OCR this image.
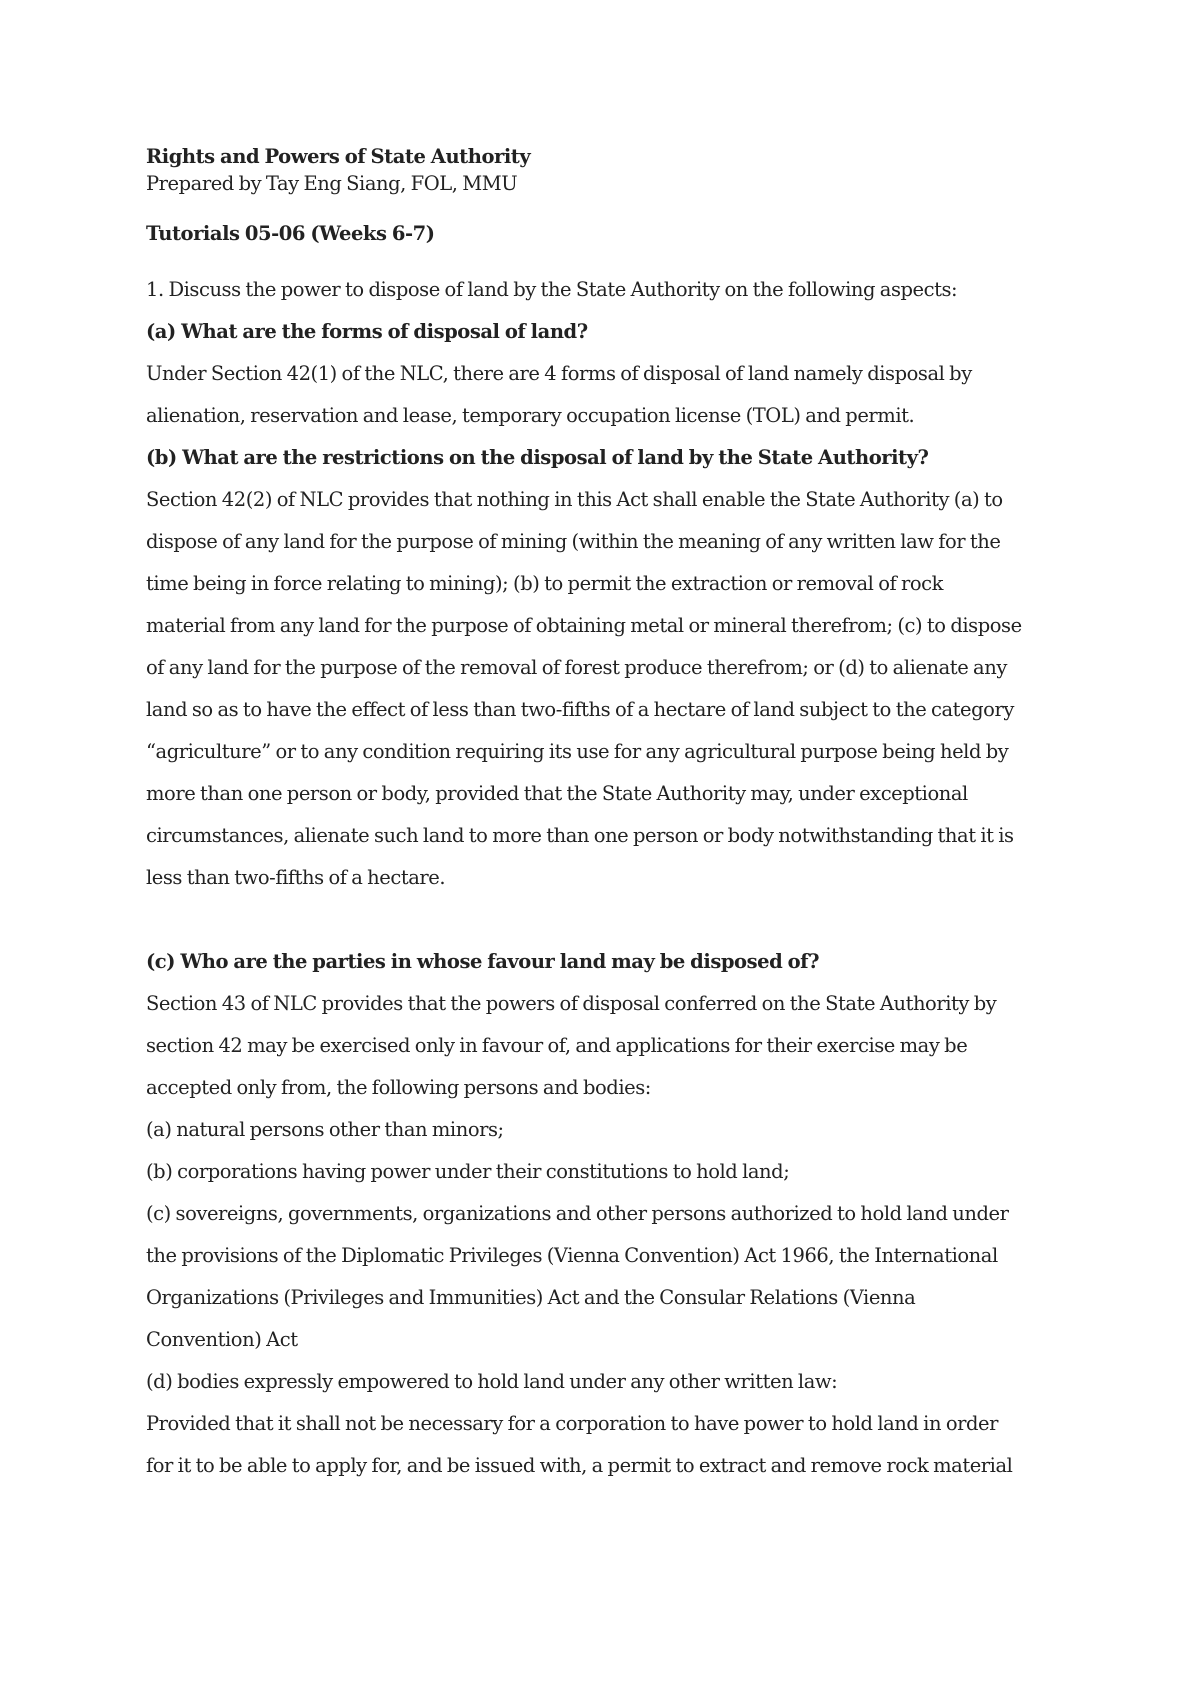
Rights and Powers of State Authority

Prepared by Tay Eng Siang, FOL, MMU

Tutorials 05-06 (Weeks 6-7)

1. Discuss the power to dispose of land by the State Authority on the following aspects:

(a) What are the forms of disposal of land?

Under Section 42(1) of the NLC, there are 4 forms of disposal of land namely disposal by

alienation, reservation and lease, temporary occupation license (TOL) and permit.

(b) What are the restrictions on the disposal of land by the State Authority?

Section 42(2) of NLC provides that nothing in this Act shall enable the State Authority (a) to

dispose of any land for the purpose of mining (within the meaning of any written law for the

time being in force relating to mining); (b) to permit the extraction or removal of rock

material from any land for the purpose of obtaining metal or mineral therefrom; (c) to dispose

of any land for the purpose of the removal of forest produce therefrom; or (d) to alienate any

land so as to have the effect of less than two-fifths of a hectare of land subject to the category

“agriculture” or to any condition requiring its use for any agricultural purpose being held by

more than one person or body, provided that the State Authority may, under exceptional

circumstances, alienate such land to more than one person or body notwithstanding that it is

less than two-fifths of a hectare.

(c) Who are the parties in whose favour land may be disposed of?

Section 43 of NLC provides that the powers of disposal conferred on the State Authority by

section 42 may be exercised only in favour of, and applications for their exercise may be

accepted only from, the following persons and bodies:

(a) natural persons other than minors;

(b) corporations having power under their constitutions to hold land;

(c) sovereigns, governments, organizations and other persons authorized to hold land under

the provisions of the Diplomatic Privileges (Vienna Convention) Act 1966, the International

Organizations (Privileges and Immunities) Act and the Consular Relations (Vienna

Convention) Act

(d) bodies expressly empowered to hold land under any other written law:

Provided that it shall not be necessary for a corporation to have power to hold land in order

for it to be able to apply for, and be issued with, a permit to extract and remove rock material
